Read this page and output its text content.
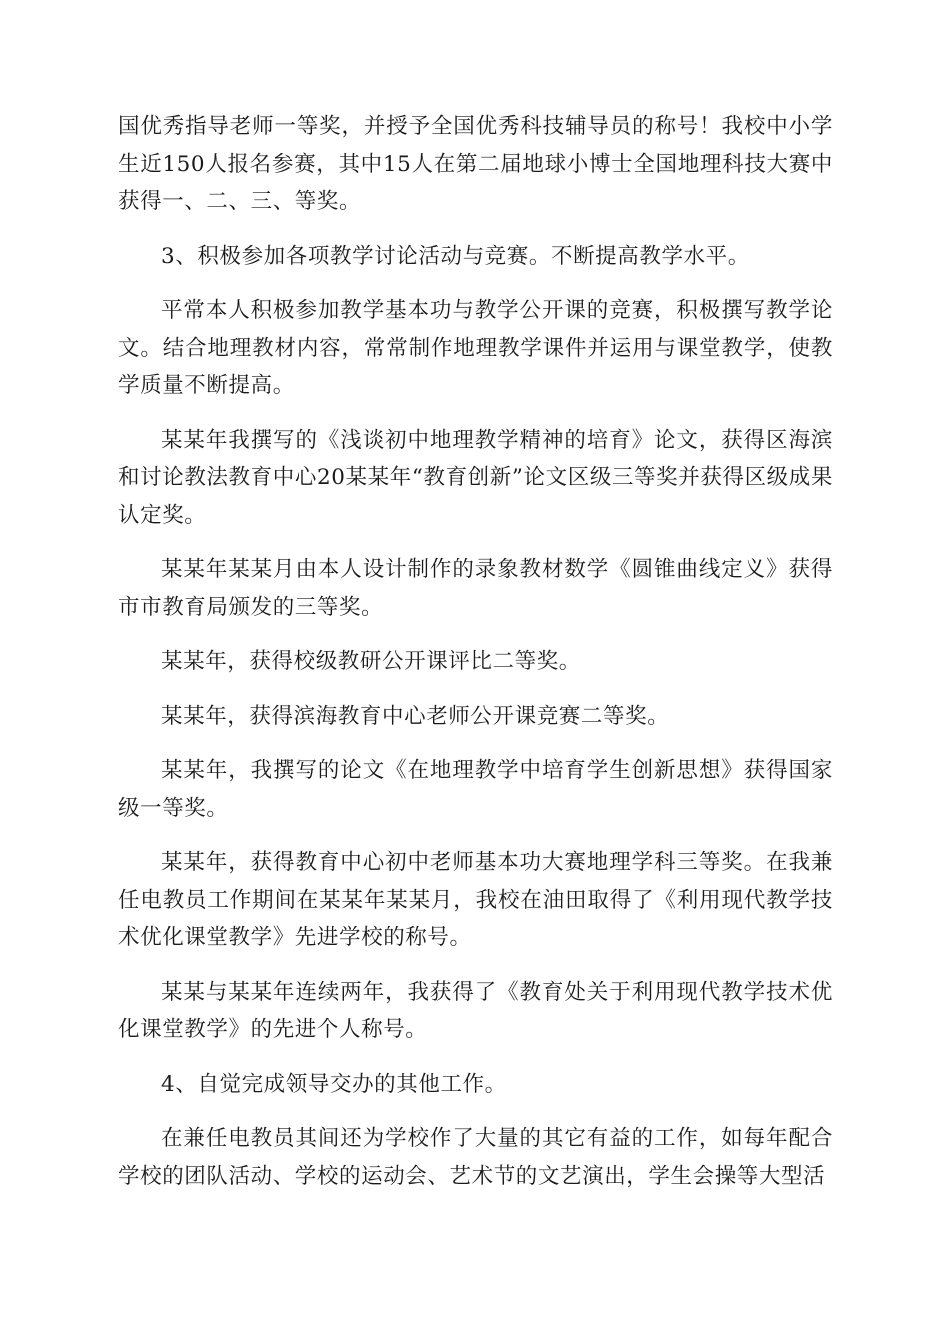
国优秀指导老师一等奖，并授予全国优秀科技辅导员的称号！我校中小学生近150人报名参赛，其中15人在第二届地球小博士全国地理科技大赛中获得一、二、三、等奖。

3、积极参加各项教学讨论活动与竞赛。不断提高教学水平。

平常本人积极参加教学基本功与教学公开课的竞赛，积极撰写教学论文。结合地理教材内容，常常制作地理教学课件并运用与课堂教学，使教学质量不断提高。

某某年我撰写的《浅谈初中地理教学精神的培育》论文，获得区海滨和讨论教法教育中心20某某年“教育创新”论文区级三等奖并获得区级成果认定奖。

某某年某某月由本人设计制作的录象教材数学《圆锥曲线定义》获得市市教育局颁发的三等奖。

某某年，获得校级教研公开课评比二等奖。

某某年，获得滨海教育中心老师公开课竞赛二等奖。

某某年，我撰写的论文《在地理教学中培育学生创新思想》获得国家级一等奖。

某某年，获得教育中心初中老师基本功大赛地理学科三等奖。在我兼任电教员工作期间在某某年某某月，我校在油田取得了《利用现代教学技术优化课堂教学》先进学校的称号。

某某与某某年连续两年，我获得了《教育处关于利用现代教学技术优化课堂教学》的先进个人称号。

4、自觉完成领导交办的其他工作。

在兼任电教员其间还为学校作了大量的其它有益的工作，如每年配合学校的团队活动、学校的运动会、艺术节的文艺演出，学生会操等大型活
